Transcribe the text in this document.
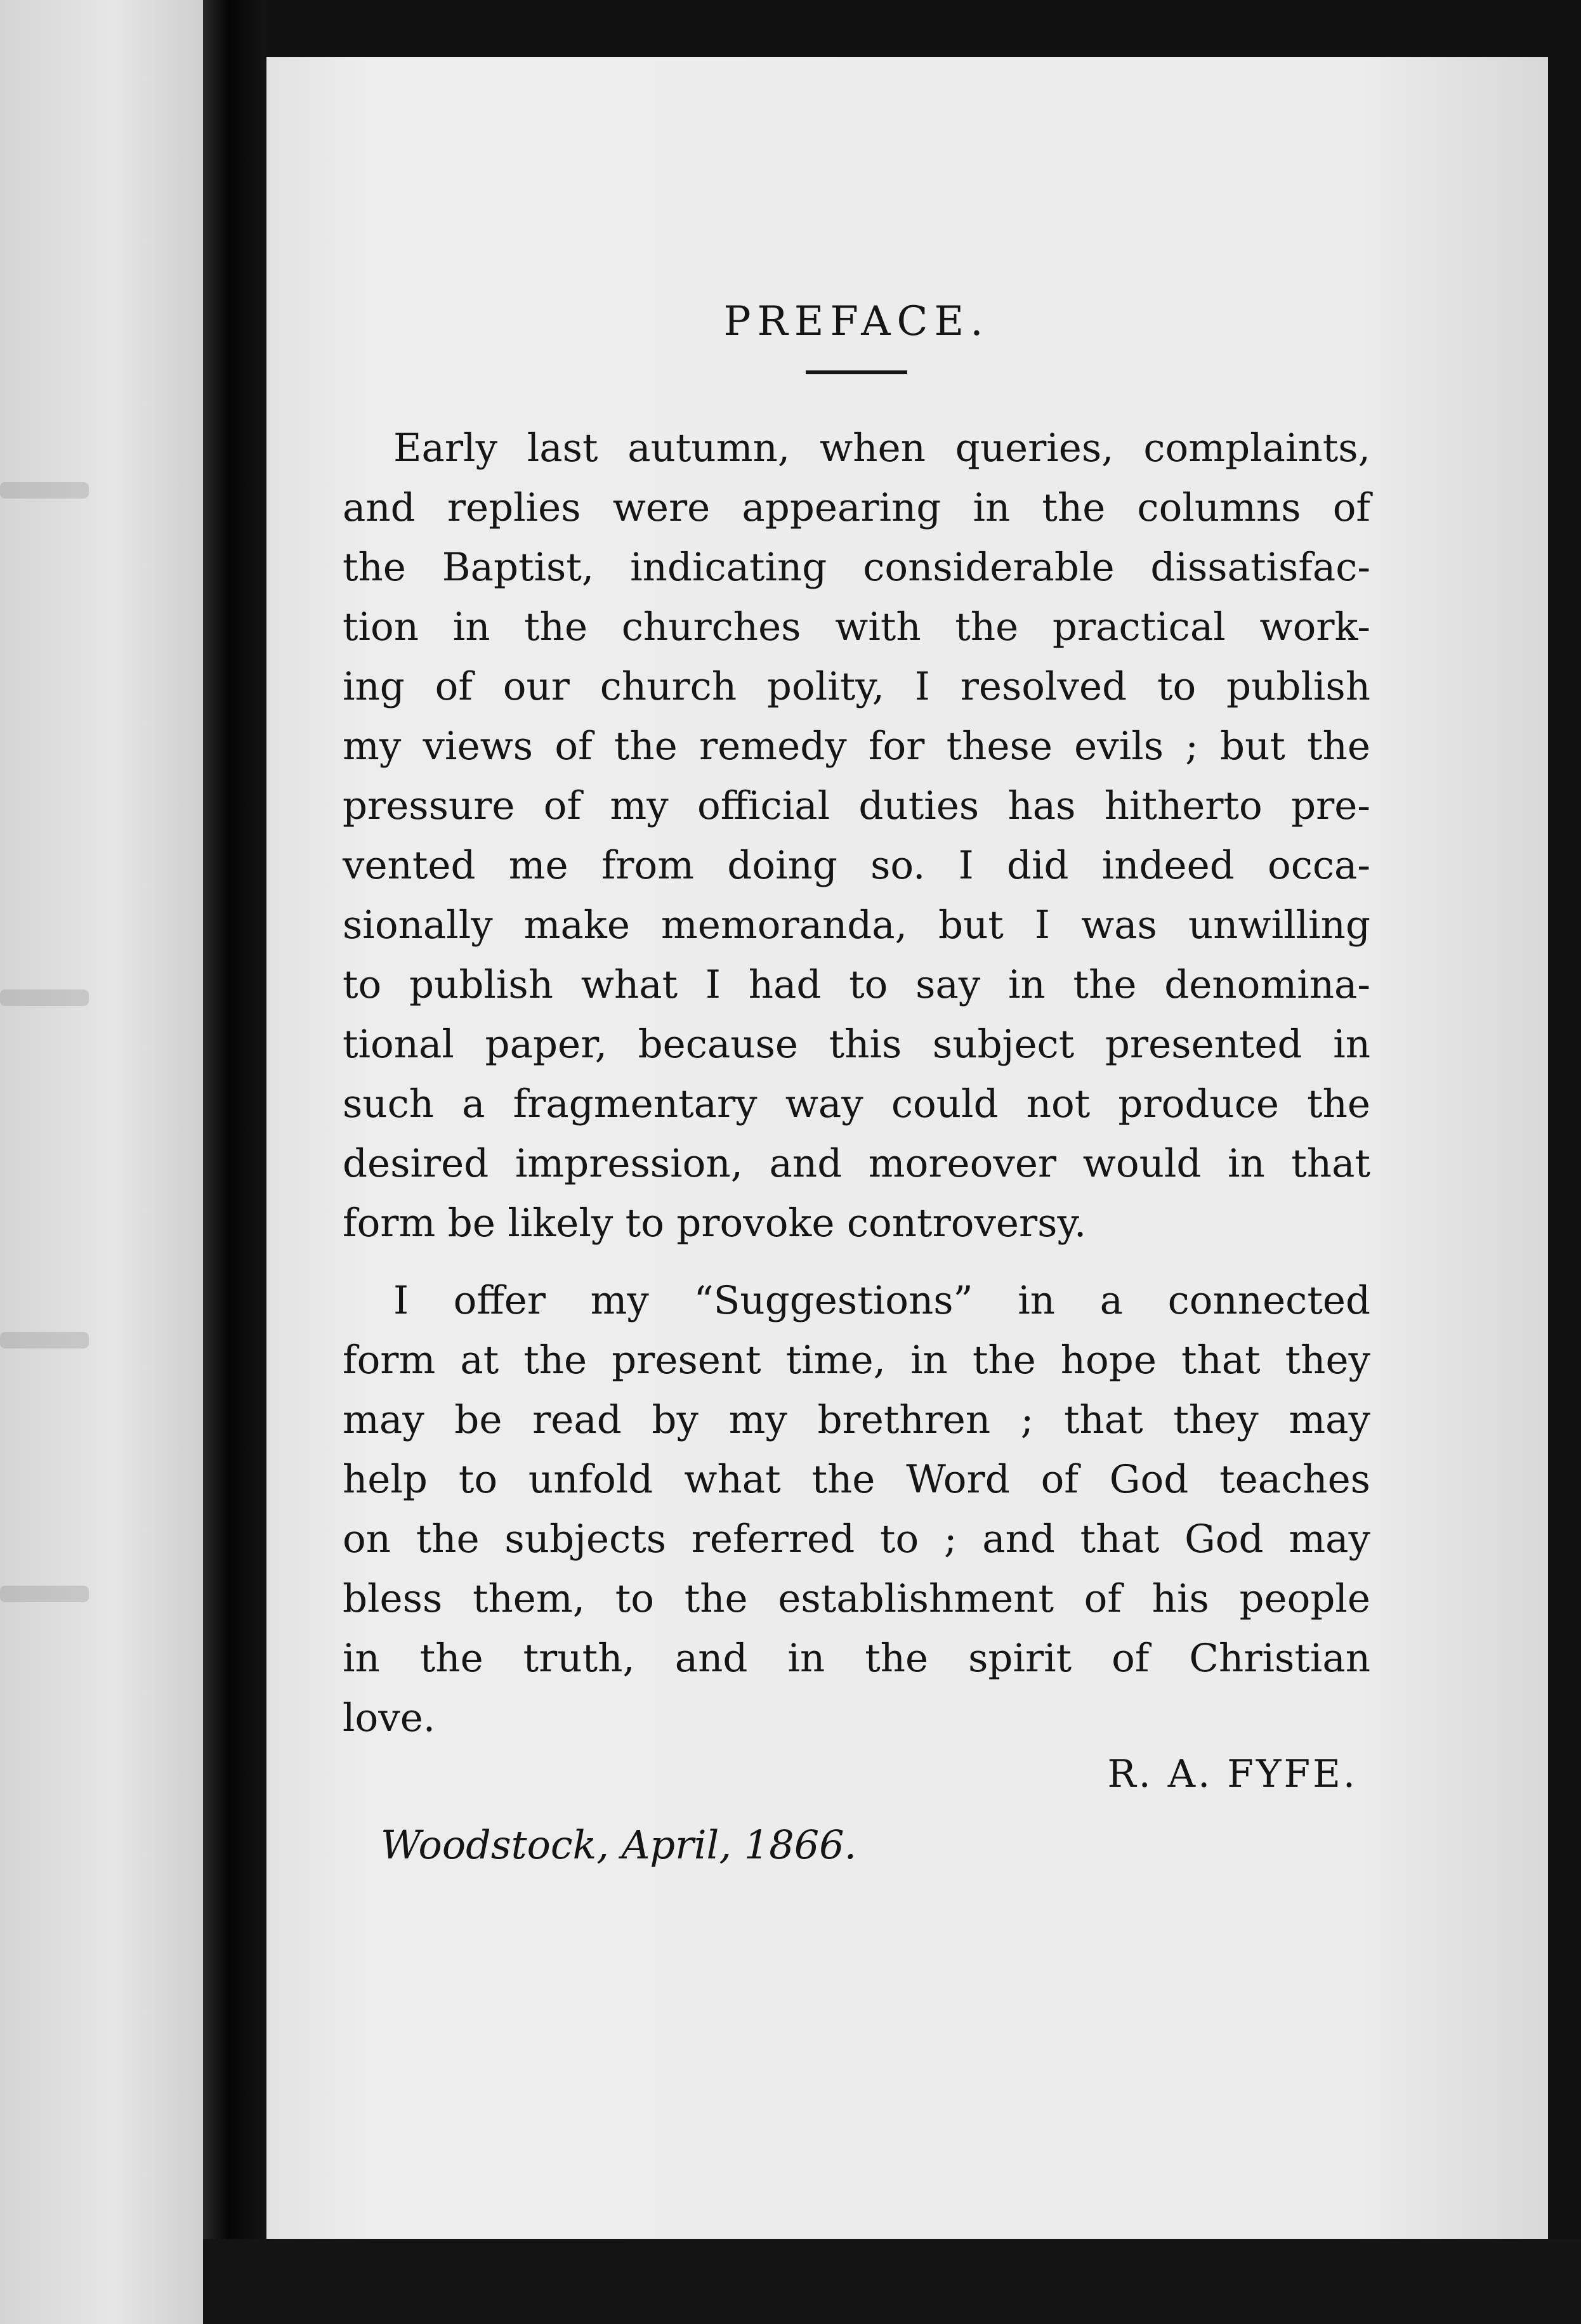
PREFACE.

Early last autumn, when queries, complaints,
and replies were appearing in the columns of
the Baptist, indicating considerable dissatisfac-
tion in the churches with the practical work-
ing of our church polity, I resolved to publish
my views of the remedy for these evils ; but the
pressure of my official duties has hitherto pre-
vented me from doing so. I did indeed occa-
sionally make memoranda, but I was unwilling
to publish what I had to say in the denomina-
tional paper, because this subject presented in
such a fragmentary way could not produce the
desired impression, and moreover would in that
form be likely to provoke controversy.

I offer my “Suggestions” in a connected
form at the present time, in the hope that they
may be read by my brethren ; that they may
help to unfold what the Word of God teaches
on the subjects referred to ; and that God may
bless them, to the establishment of his people
in the truth, and in the spirit of Christian
love.

R. A. FYFE.
Woodstock, April, 1866.
